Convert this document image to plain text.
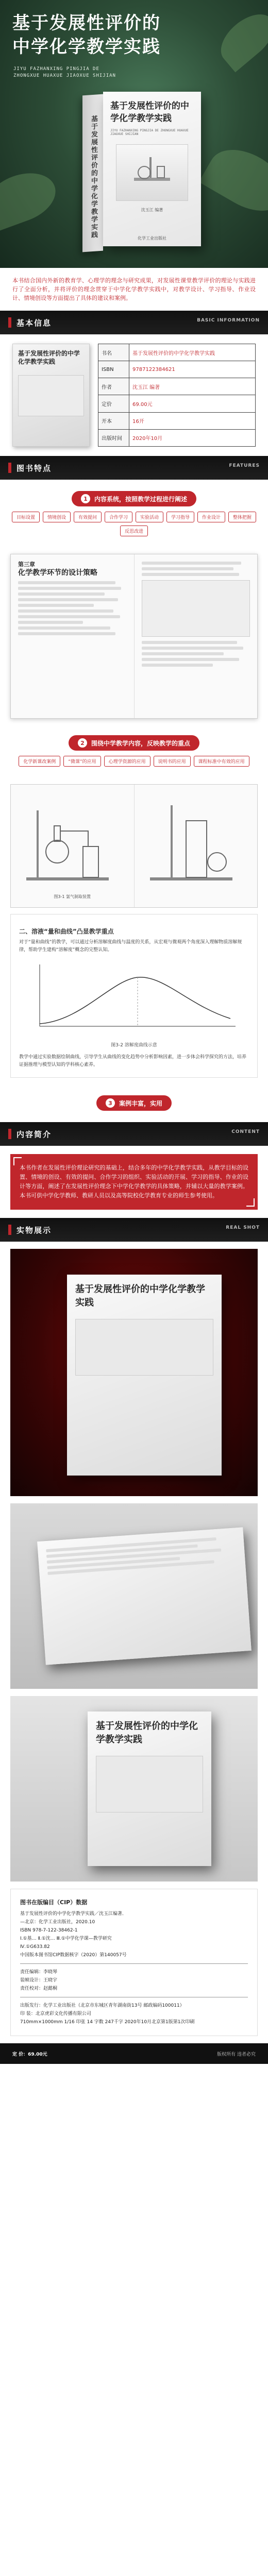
基于发展性评价的
中学化学教学实践
JIYU FAZHANXING PINGJIA DE
ZHONGXUE HUAXUE JIAOXUE SHIJIAN
基于发展性评价的中学化学教学实践
基于发展性评价的中学化学教学实践
JIYU FAZHANXING PINGJIA DE ZHONGXUE HUAXUE JIAOXUE SHIJIAN
沈玉江 编著
化学工业出版社
本书结合国内外新的教育学、心理学的理念与研究成果，对发展性课堂教学评价的理论与实践进行了全面分析，并将评价的理念贯穿于中学化学教学实践中，对教学设计、学习指导、作业设计、情境创设等方面提出了具体的建议和案例。
基本信息	BASIC INFORMATION
基于发展性评价的中学化学教学实践
书名	基于发展性评价的中学化学教学实践
ISBN	9787122384621
作者	沈玉江 编著
定价	69.00元
开本	16开
出版时间	2020年10月
图书特点	FEATURES
1	内容系统，按照教学过程进行阐述
目标设置	情境创设	有效提问	合作学习	实验活动	学习指导	作业设计	整体把握
反思改进
第三章
化学教学环节的设计策略
2	围绕中学教学内容，反映教学的重点
化学新课改案例	“微课”的应用	心理学资源的应用	说明书的应用	课程标准中有效的应用
图3-1 氯气制取装置
二、溶液“量和曲线”凸显教学重点

对于“量和曲线”的教学，可以通过分析溶解度曲线与温度的关系，从宏观与微观两个角度深入理解物质溶解规律，帮助学生建构“溶解度”概念的完整认知。

图3-2 溶解度曲线示意

教学中通过实验数据绘制曲线，引导学生从曲线的变化趋势中分析影响因素，进一步体会科学探究的方法，培养证据推理与模型认知的学科核心素养。

3	案例丰富，实用
内容简介	CONTENT
本书作者在发展性评价理论研究的基础上，结合多年的中学化学教学实践，从教学目标的设置、情境的创设、有效的提问、合作学习的组织、实验活动的开展、学习的指导、作业的设计等方面，阐述了在发展性评价理念下中学化学教学的具体策略，并辅以大量的教学案例。本书可供中学化学教师、教研人员以及高等院校化学教育专业的师生参考使用。
实物展示	REAL SHOT
基于发展性评价的中学化学教学实践
基于发展性评价的中学化学教学实践
图书在版编目（CIP）数据
基于发展性评价的中学化学教学实践／沈玉江编著．
—北京：化学工业出版社，2020.10
ISBN 978-7-122-38462-1
Ⅰ.①基… Ⅱ.①沈… Ⅲ.①中学化学课—教学研究
Ⅳ.①G633.82
中国版本图书馆CIP数据核字（2020）第140057号
责任编辑：李晓琴
装帧设计：王晓宇
责任校对：赵懿桐
出版发行：化学工业出版社（北京市东城区青年湖南街13号 邮政编码100011）
印 装：北京虎彩文化传播有限公司
710mm×1000mm 1/16 印张 14 字数 247千字 2020年10月北京第1版第1次印刷
定 价：69.00元	版权所有 违者必究
